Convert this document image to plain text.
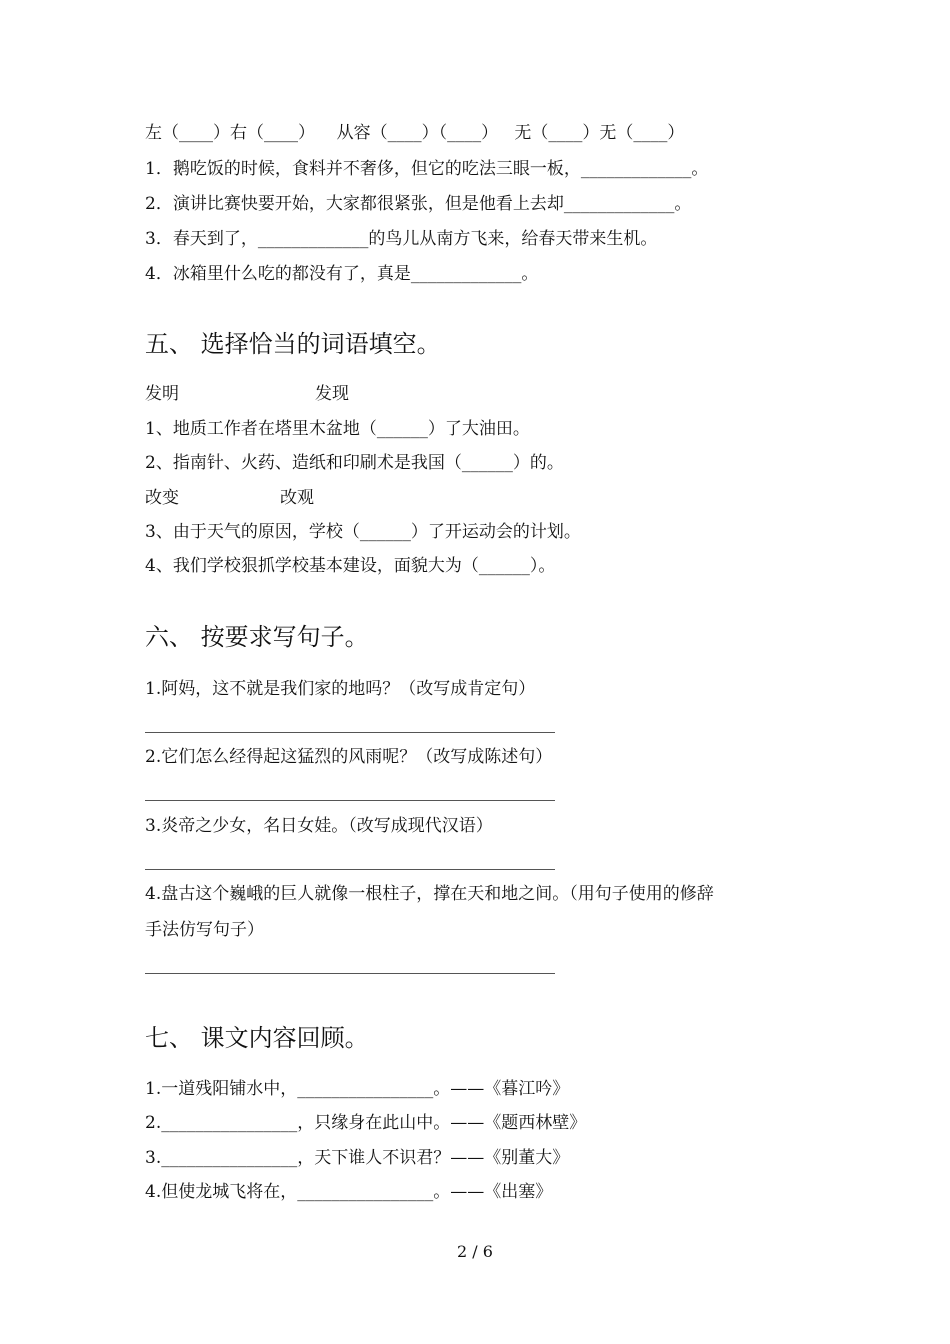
左（____）右（____）    从容（____）（____）   无（____）无（____）
1．鹅吃饭的时候，食料并不奢侈，但它的吃法三眼一板，_____________。
2．演讲比赛快要开始，大家都很紧张，但是他看上去却_____________。
3．春天到了，_____________的鸟儿从南方飞来，给春天带来生机。
4．冰箱里什么吃的都没有了，真是_____________。
五、 选择恰当的词语填空。
发明	发现
1、地质工作者在塔里木盆地（______）了大油田。
2、指南针、火药、造纸和印刷术是我国（______）的。
改变	改观
3、由于天气的原因，学校（______）了开运动会的计划。
4、我们学校狠抓学校基本建设，面貌大为（______）。
六、 按要求写句子。
1.阿妈，这不就是我们家的地吗？（改写成肯定句）
2.它们怎么经得起这猛烈的风雨呢？（改写成陈述句）
3.炎帝之少女，名日女娃。（改写成现代汉语）
4.盘古这个巍峨的巨人就像一根柱子，撑在天和地之间。（用句子使用的修辞
手法仿写句子）
七、 课文内容回顾。
1.一道残阳铺水中，________________。——《暮江吟》
2.________________，只缘身在此山中。——《题西林壁》
3.________________，天下谁人不识君？——《别董大》
4.但使龙城飞将在，________________。——《出塞》
2 / 6
